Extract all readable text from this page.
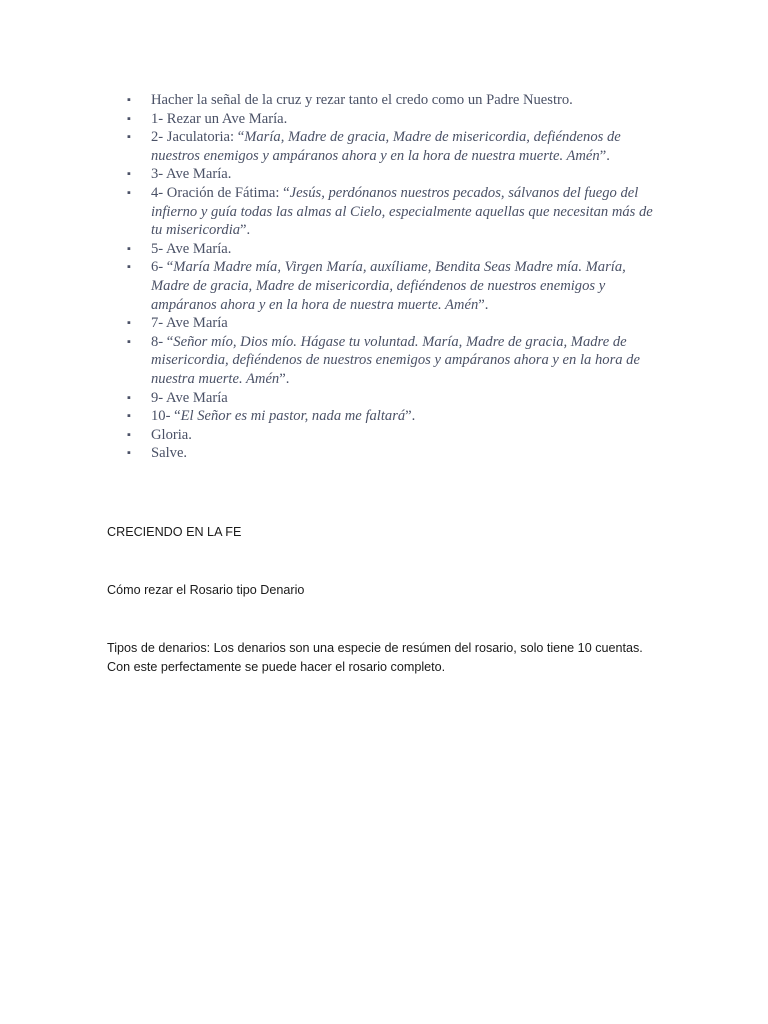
▪	Hacher la señal de la cruz y rezar tanto el credo como un Padre Nuestro.
▪	1- Rezar un Ave María.
▪	2- Jaculatoria: “María, Madre de gracia, Madre de misericordia, defiéndenos de nuestros enemigos y ampáranos ahora y en la hora de nuestra muerte. Amén”.
▪	3- Ave María.
▪	4- Oración de Fátima: “Jesús, perdónanos nuestros pecados, sálvanos del fuego del infierno y guía todas las almas al Cielo, especialmente aquellas que necesitan más de tu misericordia”.
▪	5- Ave María.
▪	6- “María Madre mía, Virgen María, auxíliame, Bendita Seas Madre mía. María, Madre de gracia, Madre de misericordia, defiéndenos de nuestros enemigos y ampáranos ahora y en la hora de nuestra muerte. Amén”.
▪	7- Ave María
▪	8- “Señor mío, Dios mío. Hágase tu voluntad. María, Madre de gracia, Madre de misericordia, defiéndenos de nuestros enemigos y ampáranos ahora y en la hora de nuestra muerte. Amén”.
▪	9- Ave María
▪	10- “El Señor es mi pastor, nada me faltará”.
▪	Gloria.
▪	Salve.
CRECIENDO EN LA FE
Cómo rezar el Rosario tipo Denario
Tipos de denarios: Los denarios son una especie de resúmen del rosario, solo tiene 10 cuentas. Con este perfectamente se puede hacer el rosario completo.
